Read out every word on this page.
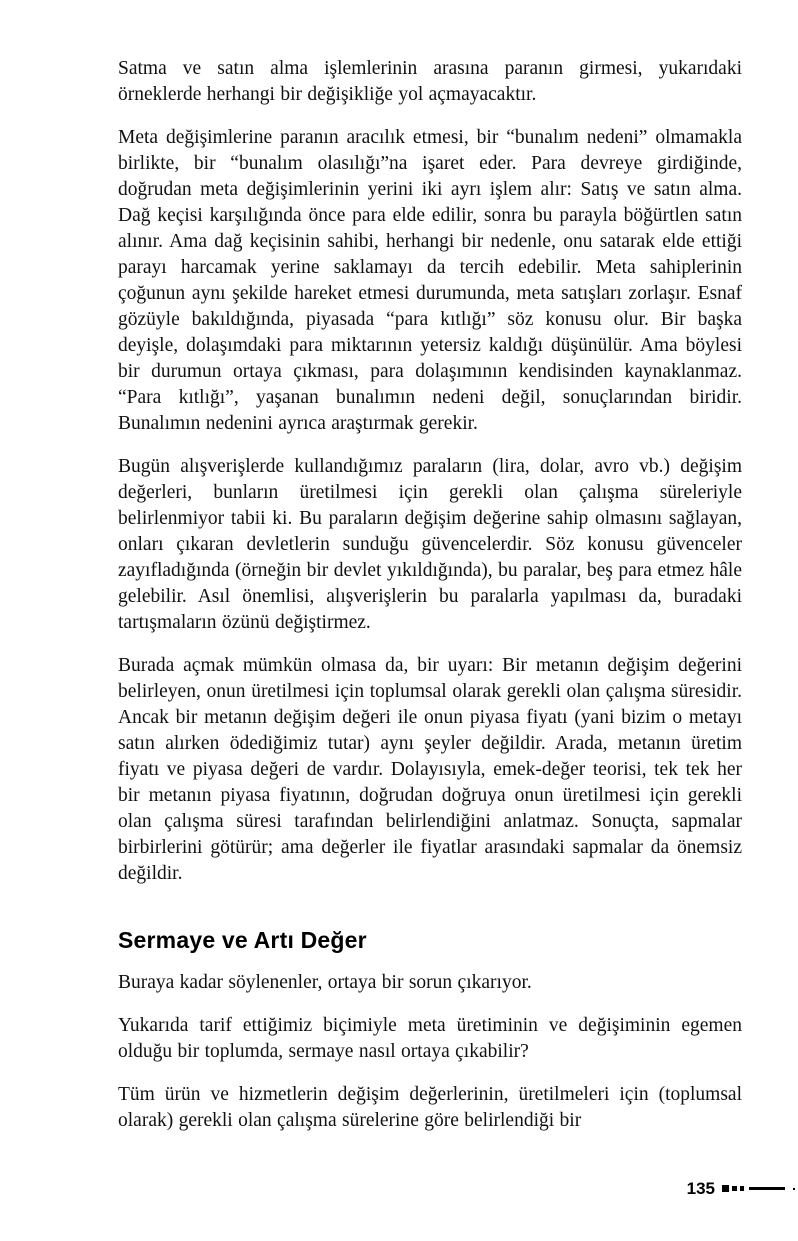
Satma ve satın alma işlemlerinin arasına paranın girmesi, yukarıdaki örneklerde herhangi bir değişikliğe yol açmayacaktır.

Meta değişimlerine paranın aracılık etmesi, bir “bunalım nedeni” olmamakla birlikte, bir “bunalım olasılığı”na işaret eder. Para devreye girdiğinde, doğrudan meta değişimlerinin yerini iki ayrı işlem alır: Satış ve satın alma. Dağ keçisi karşılığında önce para elde edilir, sonra bu parayla böğürtlen satın alınır. Ama dağ keçisinin sahibi, herhangi bir nedenle, onu satarak elde ettiği parayı harcamak yerine saklamayı da tercih edebilir. Meta sahiplerinin çoğunun aynı şekilde hareket etmesi durumunda, meta satışları zorlaşır. Esnaf gözüyle bakıldığında, piyasada “para kıtlığı” söz konusu olur. Bir başka deyişle, dolaşımdaki para miktarının yetersiz kaldığı düşünülür. Ama böylesi bir durumun ortaya çıkması, para dolaşımının kendisinden kaynaklanmaz. “Para kıtlığı”, yaşanan bunalımın nedeni değil, sonuçlarından biridir. Bunalımın nedenini ayrıca araştırmak gerekir.

Bugün alışverişlerde kullandığımız paraların (lira, dolar, avro vb.) değişim değerleri, bunların üretilmesi için gerekli olan çalışma süreleriyle belirlenmiyor tabii ki. Bu paraların değişim değerine sahip olmasını sağlayan, onları çıkaran devletlerin sunduğu güvencelerdir. Söz konusu güvenceler zayıfladığında (örneğin bir devlet yıkıldığında), bu paralar, beş para etmez hâle gelebilir. Asıl önemlisi, alışverişlerin bu paralarla yapılması da, buradaki tartışmaların özünü değiştirmez.

Burada açmak mümkün olmasa da, bir uyarı: Bir metanın değişim değerini belirleyen, onun üretilmesi için toplumsal olarak gerekli olan çalışma süresidir. Ancak bir metanın değişim değeri ile onun piyasa fiyatı (yani bizim o metayı satın alırken ödediğimiz tutar) aynı şeyler değildir. Arada, metanın üretim fiyatı ve piyasa değeri de vardır. Dolayısıyla, emek-değer teorisi, tek tek her bir metanın piyasa fiyatının, doğrudan doğruya onun üretilmesi için gerekli olan çalışma süresi tarafından belirlendiğini anlatmaz. Sonuçta, sapmalar birbirlerini götürür; ama değerler ile fiyatlar arasındaki sapmalar da önemsiz değildir.

Sermaye ve Artı Değer

Buraya kadar söylenenler, ortaya bir sorun çıkarıyor.

Yukarıda tarif ettiğimiz biçimiyle meta üretiminin ve değişiminin egemen olduğu bir toplumda, sermaye nasıl ortaya çıkabilir?

Tüm ürün ve hizmetlerin değişim değerlerinin, üretilmeleri için (toplumsal olarak) gerekli olan çalışma sürelerine göre belirlendiği bir

135
